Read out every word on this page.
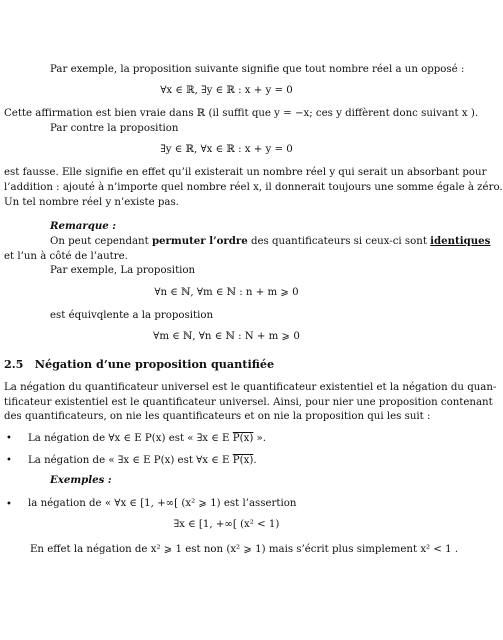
Par exemple, la proposition suivante signifie que tout nombre réel a un opposé :
∀x ∈ ℝ, ∃y ∈ ℝ : x + y = 0
Cette affirmation est bien vraie dans ℝ (il suffit que y = −x; ces y diffèrent donc suivant x ).
Par contre la proposition
∃y ∈ ℝ, ∀x ∈ ℝ : x + y = 0
est fausse. Elle signifie en effet qu’il existerait un nombre réel y qui serait un absorbant pour
l’addition : ajouté à n’importe quel nombre réel x, il donnerait toujours une somme égale à zéro.
Un tel nombre réel y n’existe pas.
Remarque :
On peut cependant permuter l’ordre des quantificateurs si ceux-ci sont identiques
et l’un à côté de l’autre.
Par exemple, La proposition
∀n ∈ ℕ, ∀m ∈ ℕ : n + m ⩾ 0
est équivqlente a la proposition
∀m ∈ ℕ, ∀n ∈ ℕ : N + m ⩾ 0
2.5 Négation d’une proposition quantifiée
La négation du quantificateur universel est le quantificateur existentiel et la négation du quan-
tificateur existentiel est le quantificateur universel. Ainsi, pour nier une proposition contenant
des quantificateurs, on nie les quantificateurs et on nie la proposition qui les suit :
• La négation de ∀x ∈ E P(x) est « ∃x ∈ E P(x) ».
• La négation de « ∃x ∈ E P(x) est ∀x ∈ E P(x).
Exemples :
• la négation de « ∀x ∈ [1, +∞[ (x² ⩾ 1) est l’assertion
∃x ∈ [1, +∞[ (x² < 1)
En effet la négation de x² ⩾ 1 est non (x² ⩾ 1) mais s’écrit plus simplement x² < 1 .
